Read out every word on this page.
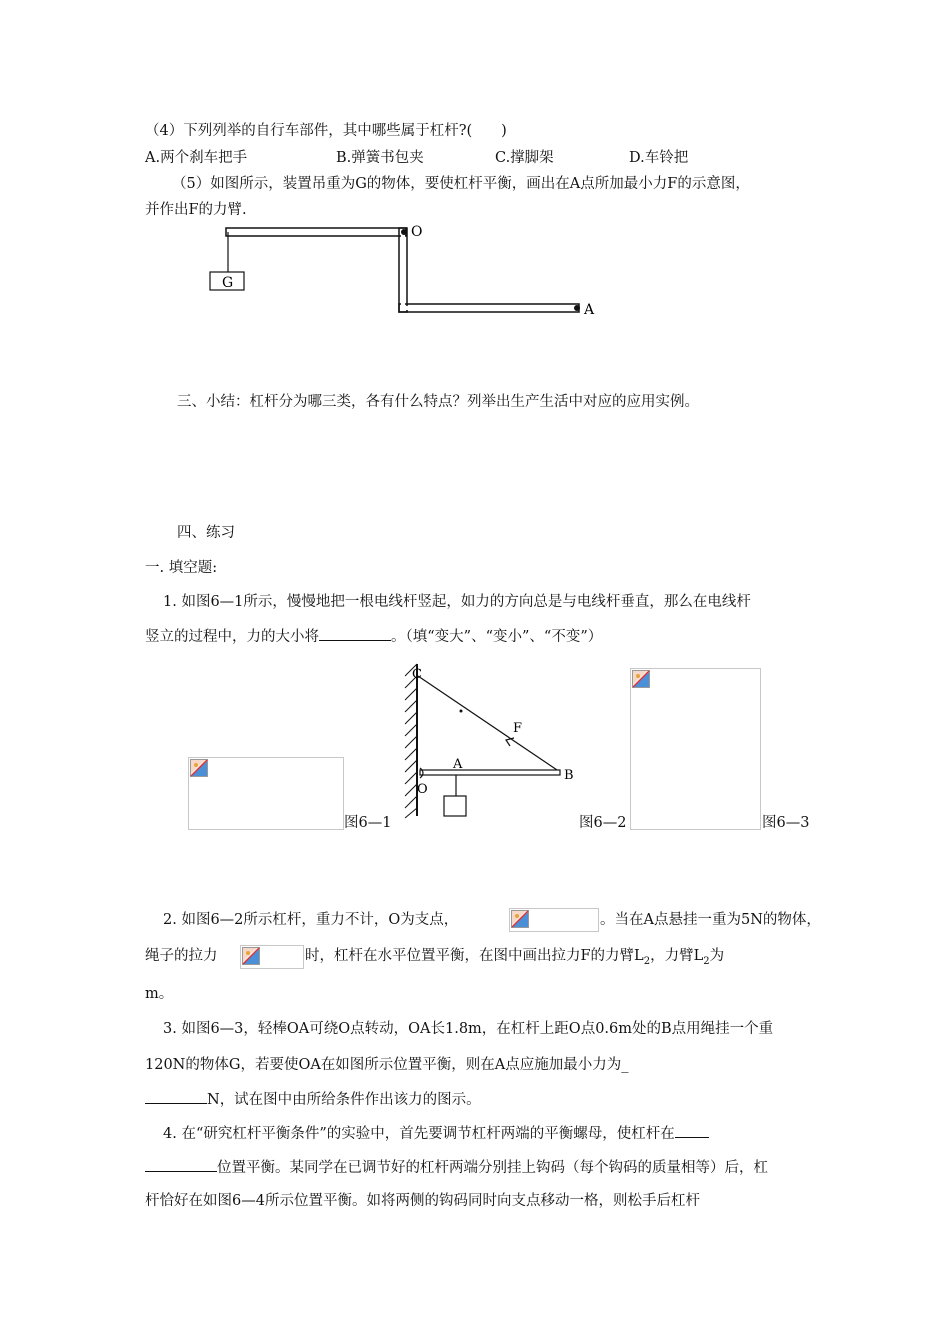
（4）下列列举的自行车部件，其中哪些属于杠杆?(　　)
A.两个刹车把手	B.弹簧书包夹	C.撑脚架	D.车铃把
（5）如图所示，装置吊重为G的物体，要使杠杆平衡，画出在A点所加最小力F的示意图，
并作出F的力臂.
G
O
A
三、小结：杠杆分为哪三类，各有什么特点？列举出生产生活中对应的应用实例。
四、练习
一. 填空题:
1. 如图6—1所示，慢慢地把一根电线杆竖起，如力的方向总是与电线杆垂直，那么在电线杆
竖立的过程中，力的大小将	。（填“变大”、“变小”、“不变”）
图6—1
C
F
A
B
O
图6—2	图6—3
2. 如图6—2所示杠杆，重力不计，O为支点，	。当在A点悬挂一重为5N的物体，
绳子的拉力	时，杠杆在水平位置平衡，在图中画出拉力F的力臂$L_2$，力臂$L_2$为
m。
3. 如图6—3，轻棒OA可绕O点转动，OA长1.8m，在杠杆上距O点0.6m处的B点用绳挂一个重
120N的物体G，若要使OA在如图所示位置平衡，则在A点应施加最小力为_
N，试在图中由所给条件作出该力的图示。
4. 在“研究杠杆平衡条件”的实验中，首先要调节杠杆两端的平衡螺母，使杠杆在
位置平衡。某同学在已调节好的杠杆两端分别挂上钩码（每个钩码的质量相等）后，杠
杆恰好在如图6—4所示位置平衡。如将两侧的钩码同时向支点移动一格，则松手后杠杆
